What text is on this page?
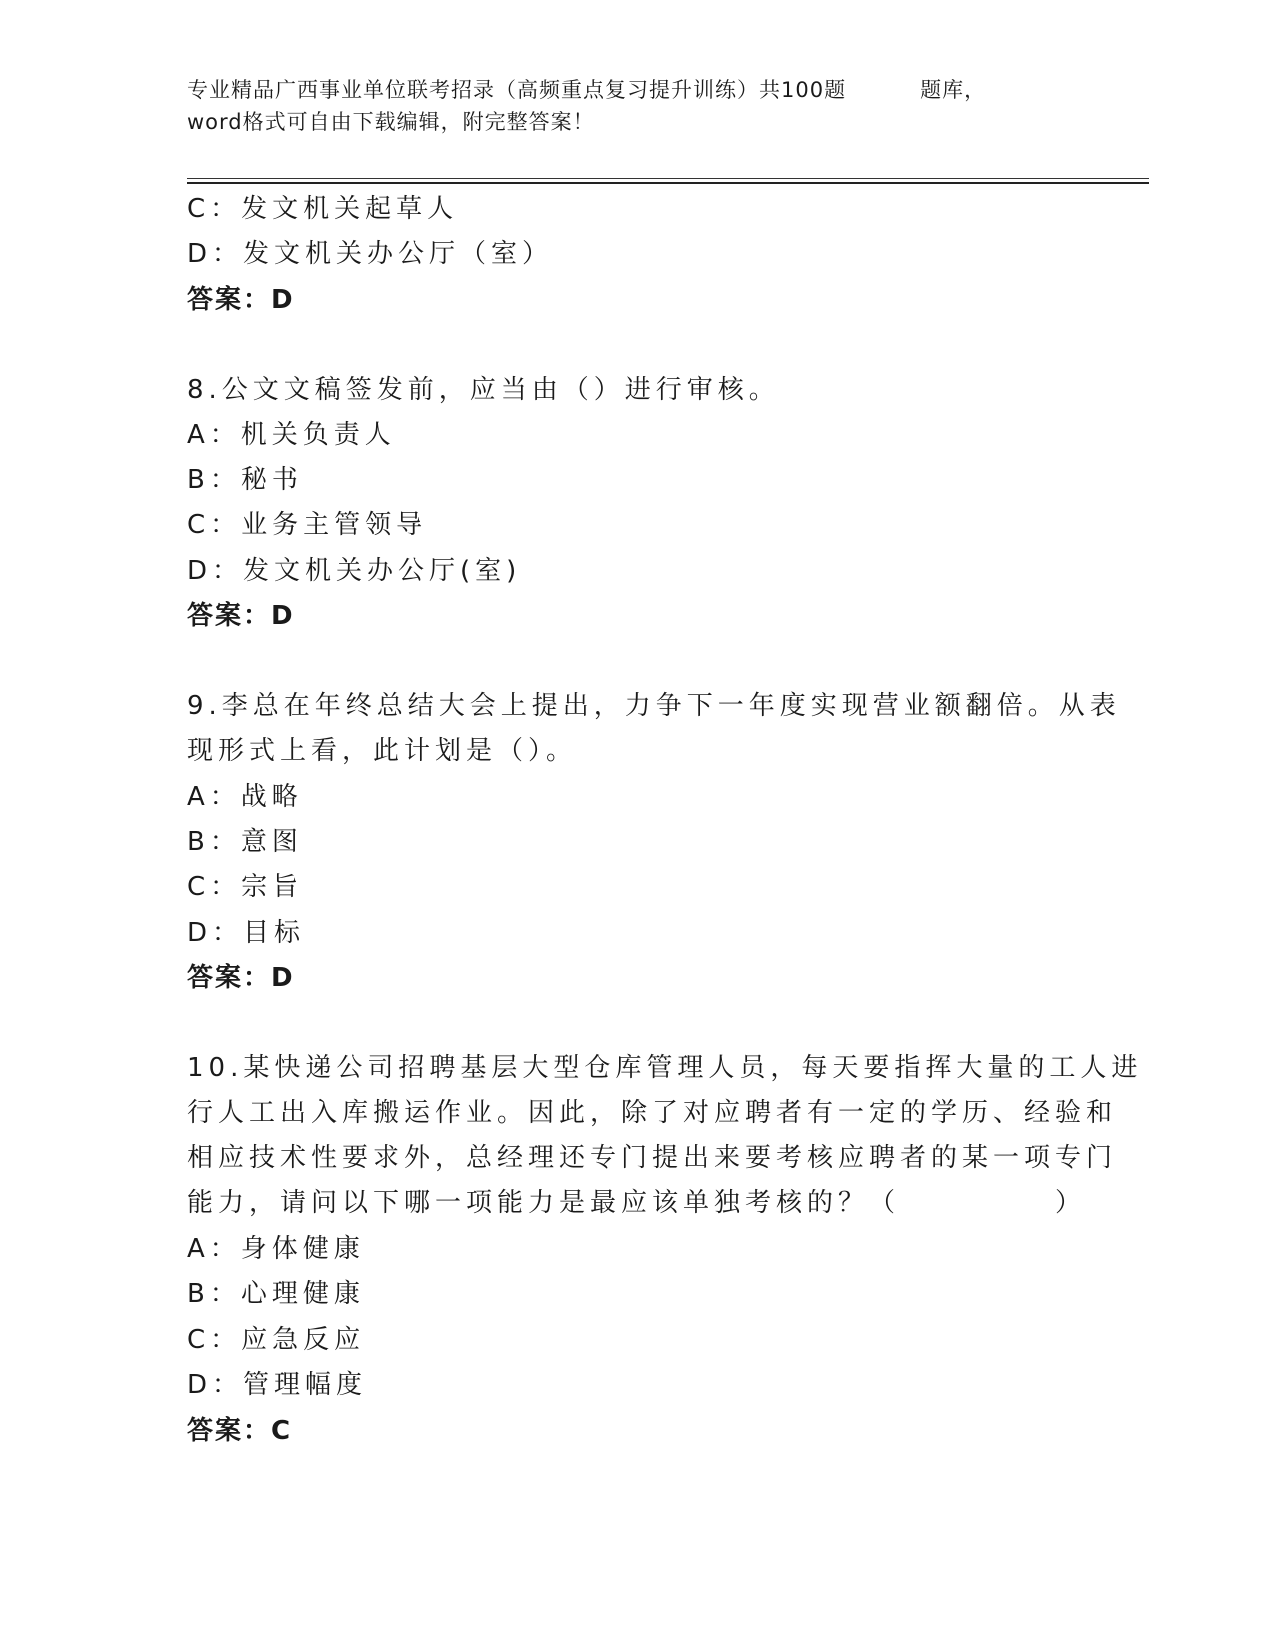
专业精品广西事业单位联考招录（高频重点复习提升训练）共100题	题库，
word格式可自由下载编辑，附完整答案！
C：发文机关起草人
D：发文机关办公厅（室）
答案：D
8.公文文稿签发前，应当由（）进行审核。
A：机关负责人
B：秘书
C：业务主管领导
D：发文机关办公厅(室)
答案：D
9.李总在年终总结大会上提出，力争下一年度实现营业额翻倍。从表
现形式上看，此计划是（）。
A：战略
B：意图
C：宗旨
D：目标
答案：D
10.某快递公司招聘基层大型仓库管理人员，每天要指挥大量的工人进
行人工出入库搬运作业。因此，除了对应聘者有一定的学历、经验和
相应技术性要求外，总经理还专门提出来要考核应聘者的某一项专门
能力，请问以下哪一项能力是最应该单独考核的？（　　　　　）
A：身体健康
B：心理健康
C：应急反应
D：管理幅度
答案：C
